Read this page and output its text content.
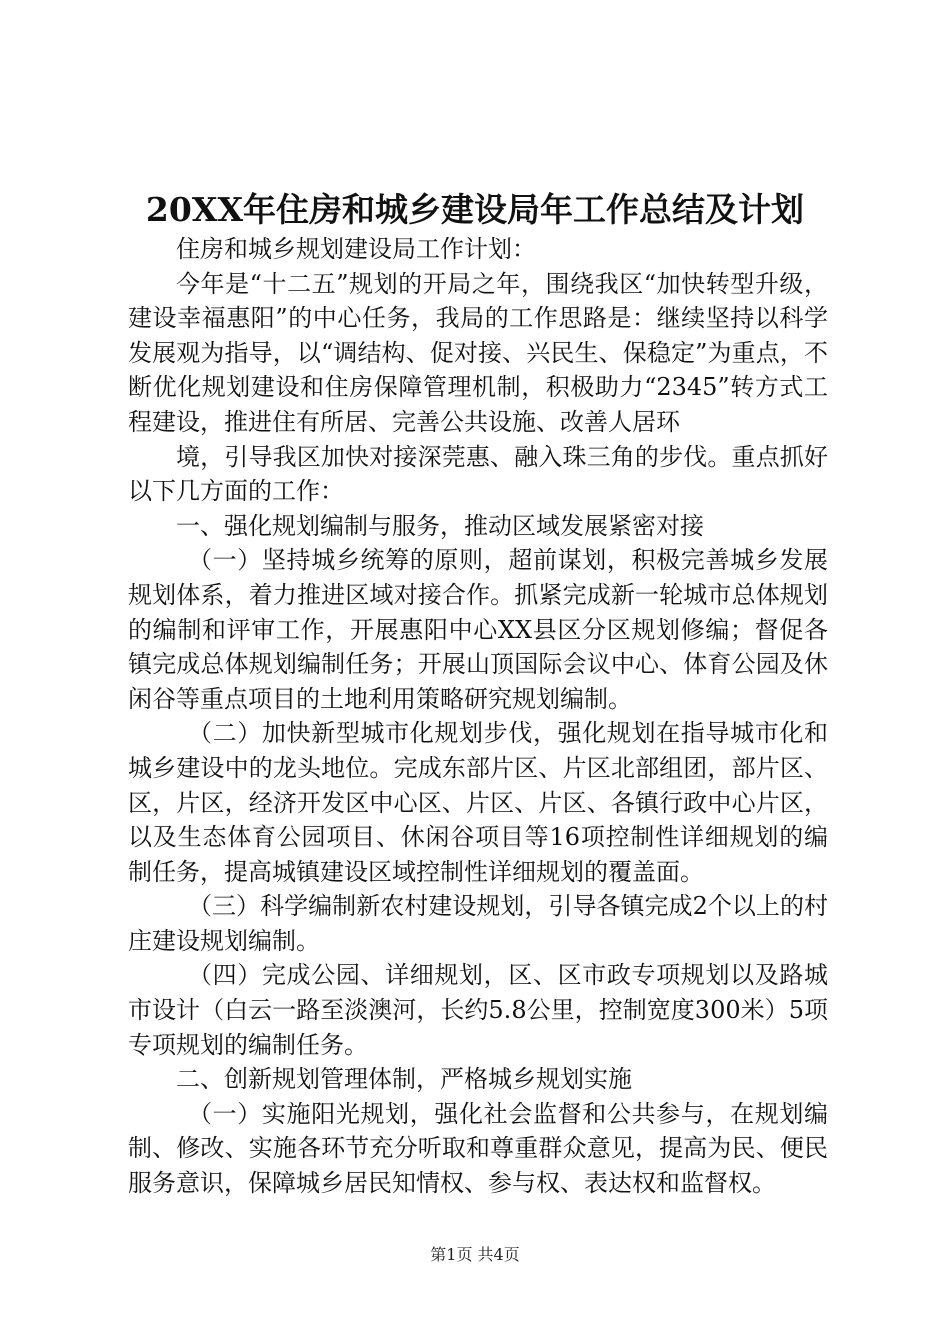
20XX年住房和城乡建设局年工作总结及计划

住房和城乡规划建设局工作计划：

今年是“十二五”规划的开局之年，围绕我区“加快转型升级，建设幸福惠阳”的中心任务，我局的工作思路是：继续坚持以科学发展观为指导，以“调结构、促对接、兴民生、保稳定”为重点，不断优化规划建设和住房保障管理机制，积极助力“2345”转方式工程建设，推进住有所居、完善公共设施、改善人居环

境，引导我区加快对接深莞惠、融入珠三角的步伐。重点抓好以下几方面的工作：

一、强化规划编制与服务，推动区域发展紧密对接

（一）坚持城乡统筹的原则，超前谋划，积极完善城乡发展规划体系，着力推进区域对接合作。抓紧完成新一轮城市总体规划的编制和评审工作，开展惠阳中心XX县区分区规划修编；督促各镇完成总体规划编制任务；开展山顶国际会议中心、体育公园及休闲谷等重点项目的土地利用策略研究规划编制。

（二）加快新型城市化规划步伐，强化规划在指导城市化和城乡建设中的龙头地位。完成东部片区、片区北部组团，部片区、区，片区，经济开发区中心区、片区、片区、各镇行政中心片区，以及生态体育公园项目、休闲谷项目等16项控制性详细规划的编制任务，提高城镇建设区域控制性详细规划的覆盖面。

（三）科学编制新农村建设规划，引导各镇完成2个以上的村庄建设规划编制。

（四）完成公园、详细规划，区、区市政专项规划以及路城市设计（白云一路至淡澳河，长约5.8公里，控制宽度300米）5项专项规划的编制任务。

二、创新规划管理体制，严格城乡规划实施

（一）实施阳光规划，强化社会监督和公共参与，在规划编制、修改、实施各环节充分听取和尊重群众意见，提高为民、便民服务意识，保障城乡居民知情权、参与权、表达权和监督权。

第1页 共4页
